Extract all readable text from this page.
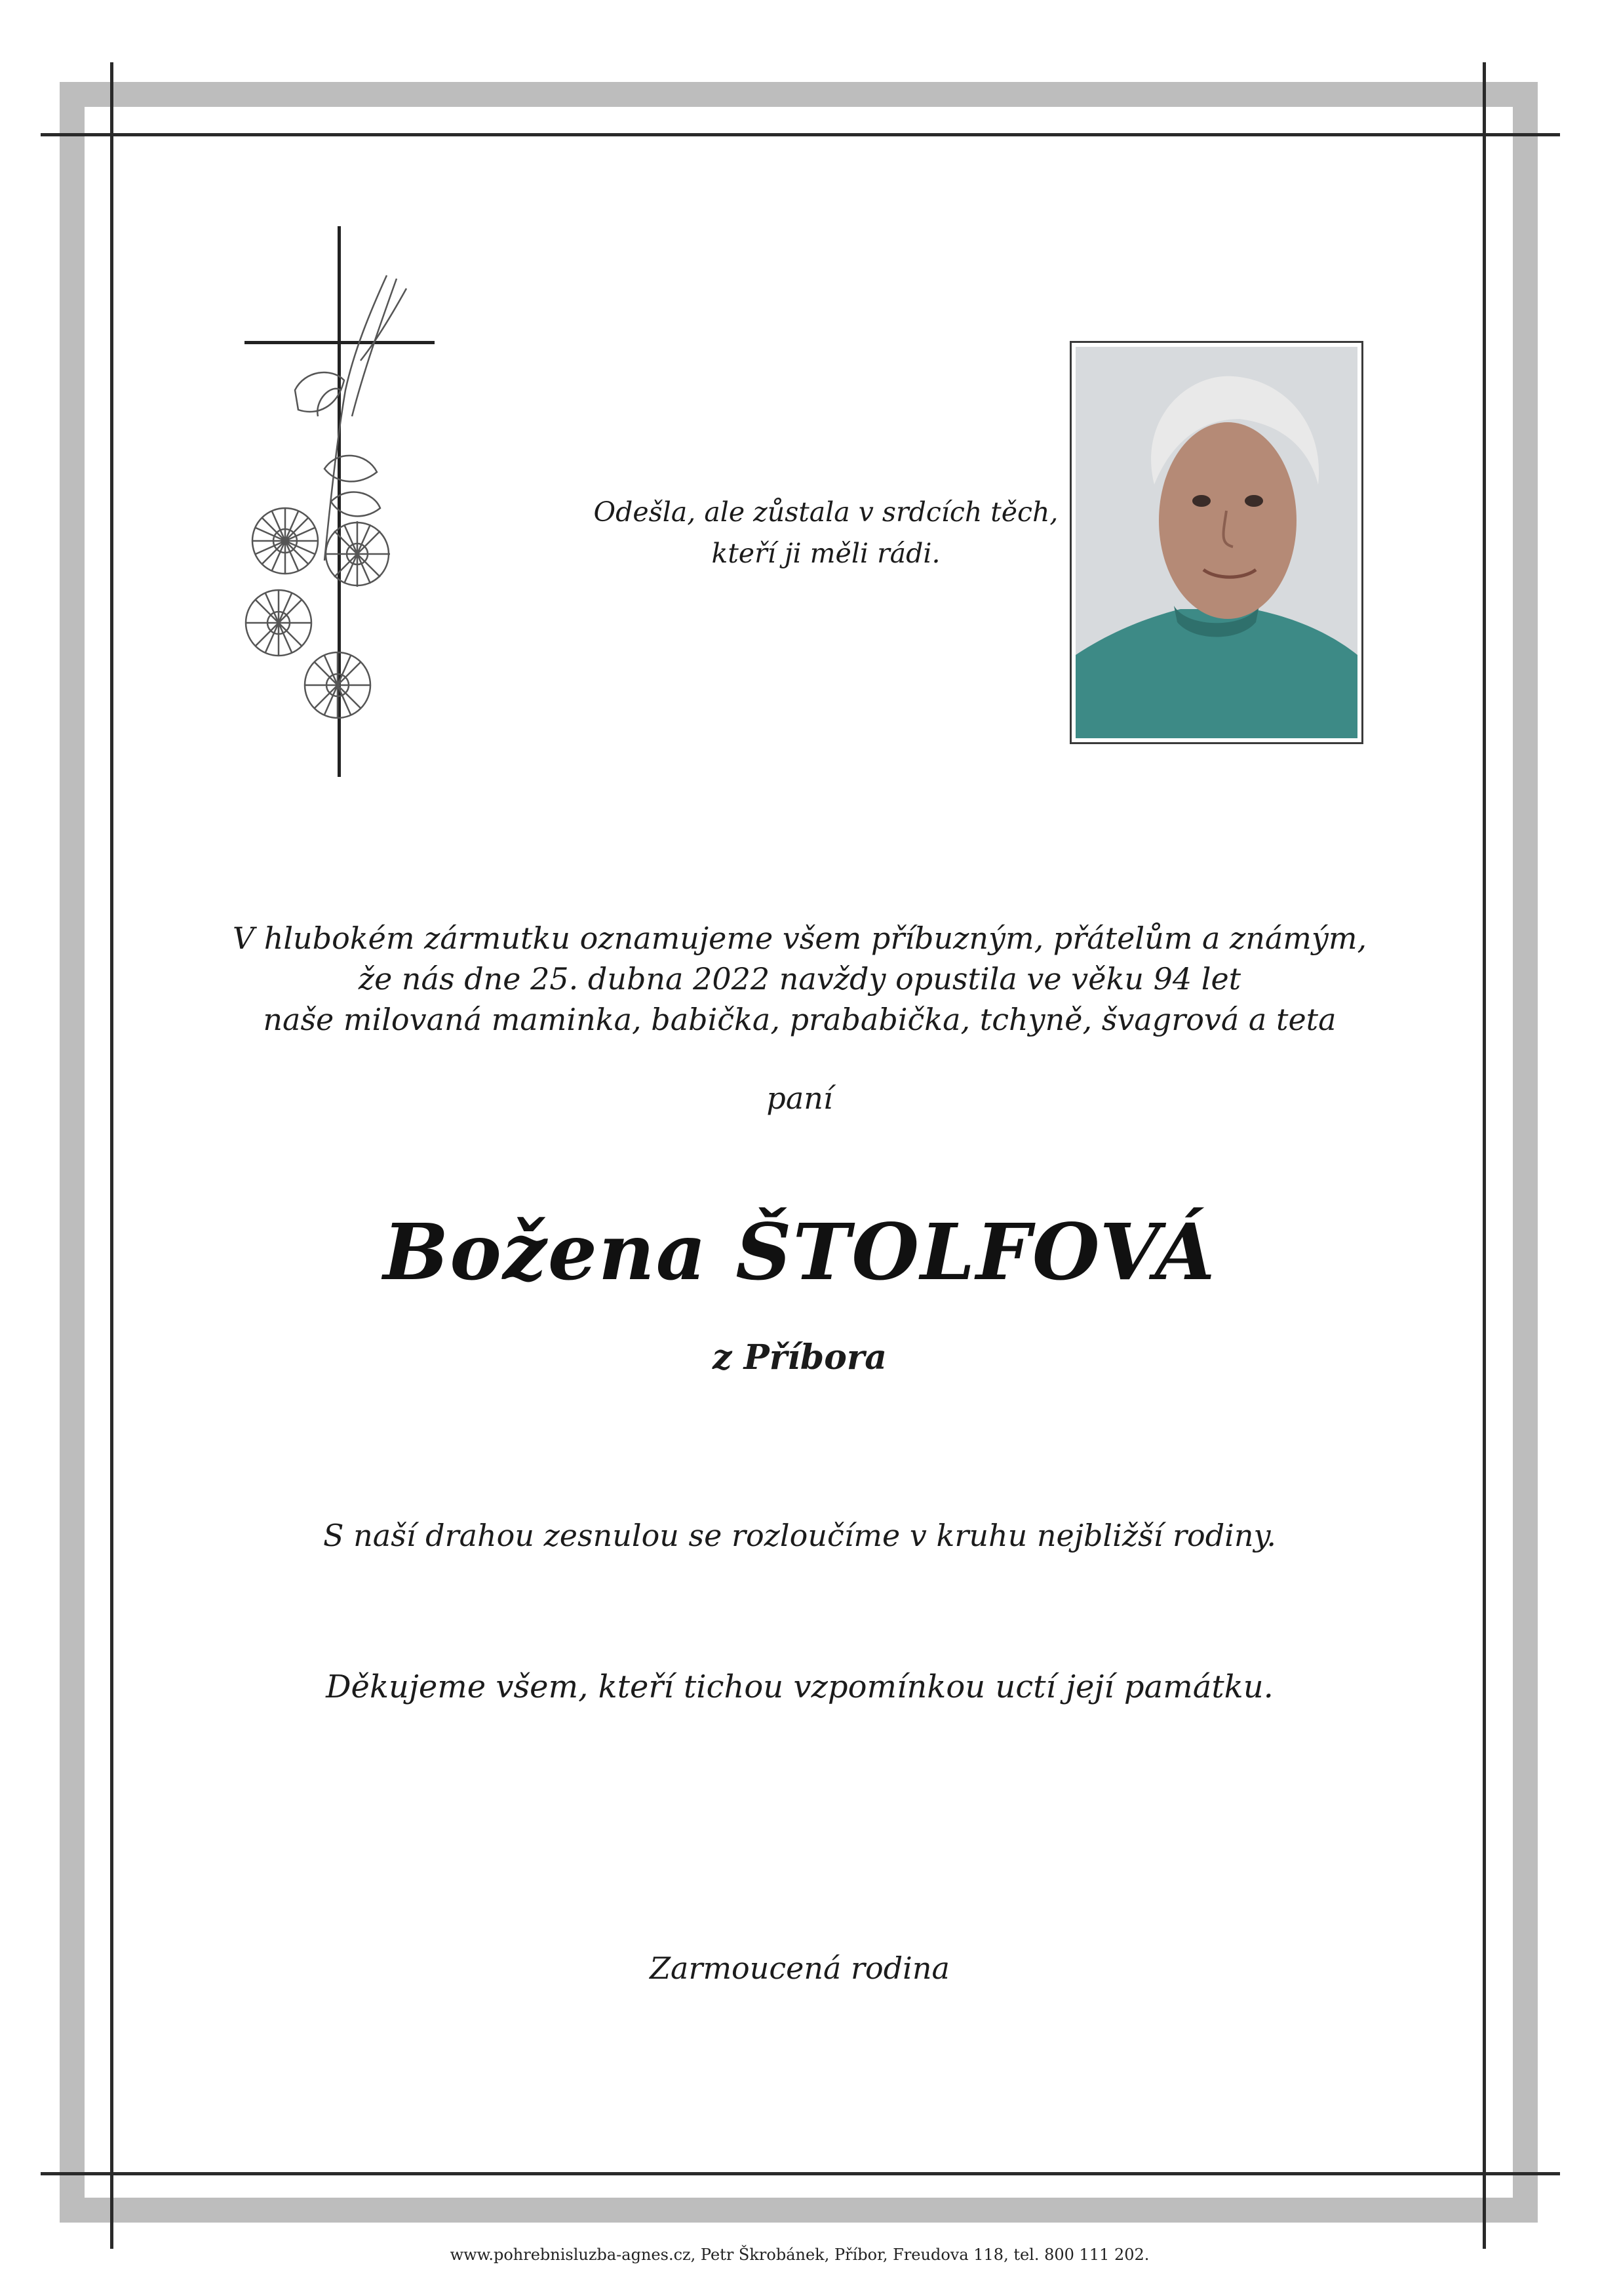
Odešla, ale zůstala v srdcích těch,
kteří ji měli rádi.
V hlubokém zármutku oznamujeme všem příbuzným, přátelům a známým,
že nás dne 25. dubna 2022 navždy opustila ve věku 94 let
naše milovaná maminka, babička, prababička, tchyně, švagrová a teta
paní
Božena ŠTOLFOVÁ
z Příbora
S naší drahou zesnulou se rozloučíme v kruhu nejbližší rodiny.
Děkujeme všem, kteří tichou vzpomínkou uctí její památku.
Zarmoucená rodina
www.pohrebnisluzba-agnes.cz, Petr Škrobánek, Příbor, Freudova 118, tel. 800 111 202.
